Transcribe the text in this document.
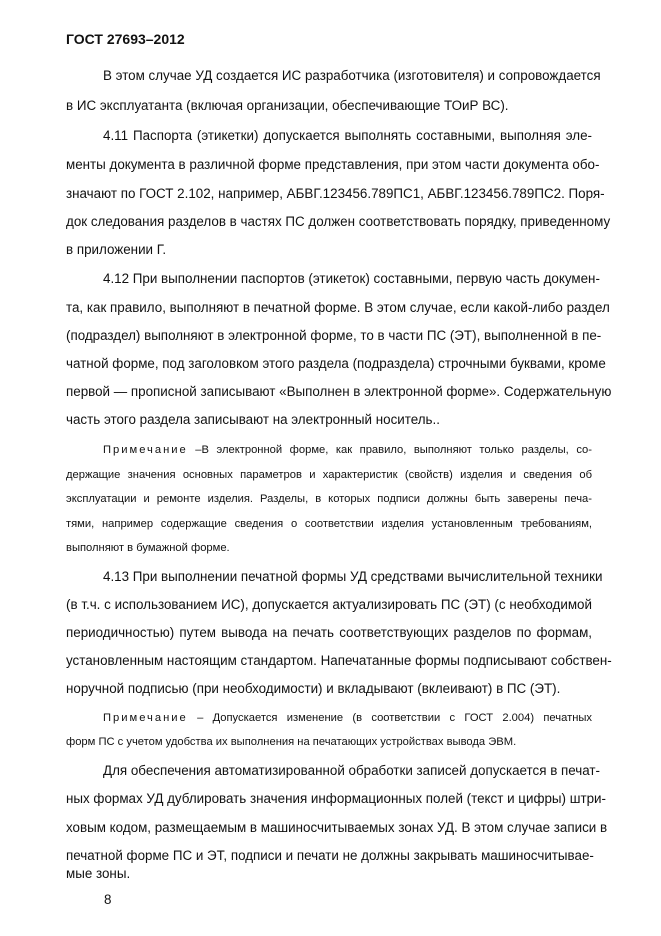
ГОСТ 27693–2012
В этом случае УД создается ИС разработчика (изготовителя) и сопровождается
в ИС эксплуатанта (включая организации, обеспечивающие ТОиР ВС).
4.11 Паспорта (этикетки) допускается выполнять составными, выполняя эле-
менты документа в различной форме представления, при этом части документа обо-
значают по ГОСТ 2.102, например, АБВГ.123456.789ПС1, АБВГ.123456.789ПС2. Поря-
док следования разделов в частях ПС должен соответствовать порядку, приведенному
в приложении Г.
4.12 При выполнении паспортов (этикеток) составными, первую часть докумен-
та, как правило, выполняют в печатной форме. В этом случае, если какой-либо раздел
(подраздел) выполняют в электронной форме, то в части ПС (ЭТ), выполненной в пе-
чатной форме, под заголовком этого раздела (подраздела) строчными буквами, кроме
первой — прописной записывают «Выполнен в электронной форме». Содержательную
часть этого раздела записывают на электронный носитель..
Примечание –В электронной форме, как правило, выполняют только разделы, со-
держащие значения основных параметров и характеристик (свойств) изделия и сведения об
эксплуатации и ремонте изделия. Разделы, в которых подписи должны быть заверены печа-
тями, например содержащие сведения о соответствии изделия установленным требованиям,
выполняют в бумажной форме.
4.13 При выполнении печатной формы УД средствами вычислительной техники
(в т.ч. с использованием ИС), допускается актуализировать ПС (ЭТ) (с необходимой
периодичностью) путем вывода на печать соответствующих разделов по формам,
установленным настоящим стандартом. Напечатанные формы подписывают собствен-
норучной подписью (при необходимости) и вкладывают (вклеивают) в ПС (ЭТ).
Примечание – Допускается изменение (в соответствии с ГОСТ 2.004) печатных
форм ПС с учетом удобства их выполнения на печатающих устройствах вывода ЭВМ.
Для обеспечения автоматизированной обработки записей допускается в печат-
ных формах УД дублировать значения информационных полей (текст и цифры) штри-
ховым кодом, размещаемым в машиносчитываемых зонах УД. В этом случае записи в
печатной форме ПС и ЭТ, подписи и печати не должны закрывать машиносчитывае-
мые зоны.
8
